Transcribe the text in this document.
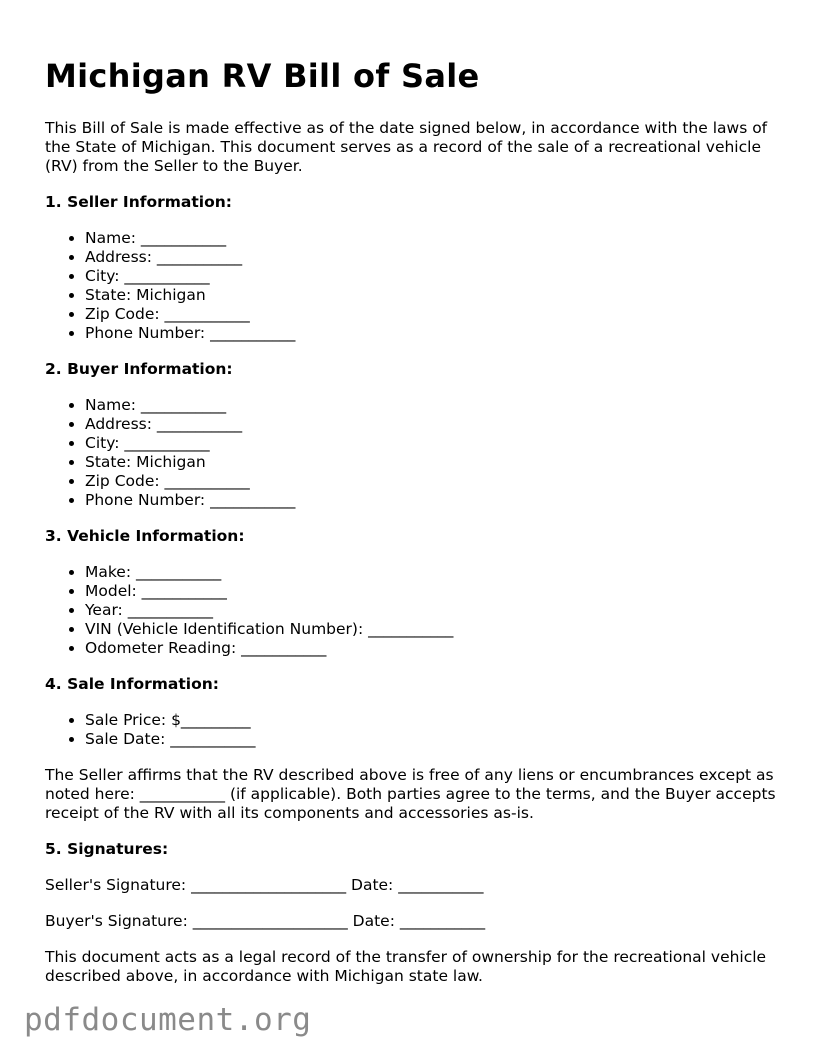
Michigan RV Bill of Sale

This Bill of Sale is made effective as of the date signed below, in accordance with the laws of the State of Michigan. This document serves as a record of the sale of a recreational vehicle (RV) from the Seller to the Buyer.

1. Seller Information:
• Name: ___________
• Address: ___________
• City: ___________
• State: Michigan
• Zip Code: ___________
• Phone Number: ___________
2. Buyer Information:
• Name: ___________
• Address: ___________
• City: ___________
• State: Michigan
• Zip Code: ___________
• Phone Number: ___________
3. Vehicle Information:
• Make: ___________
• Model: ___________
• Year: ___________
• VIN (Vehicle Identification Number): ___________
• Odometer Reading: ___________
4. Sale Information:
• Sale Price: $_________
• Sale Date: ___________

The Seller affirms that the RV described above is free of any liens or encumbrances except as noted here: ___________ (if applicable). Both parties agree to the terms, and the Buyer accepts receipt of the RV with all its components and accessories as-is.

5. Signatures:

Seller's Signature: ____________________ Date: ___________

Buyer's Signature: ____________________ Date: ___________

This document acts as a legal record of the transfer of ownership for the recreational vehicle described above, in accordance with Michigan state law.

pdfdocument.org
